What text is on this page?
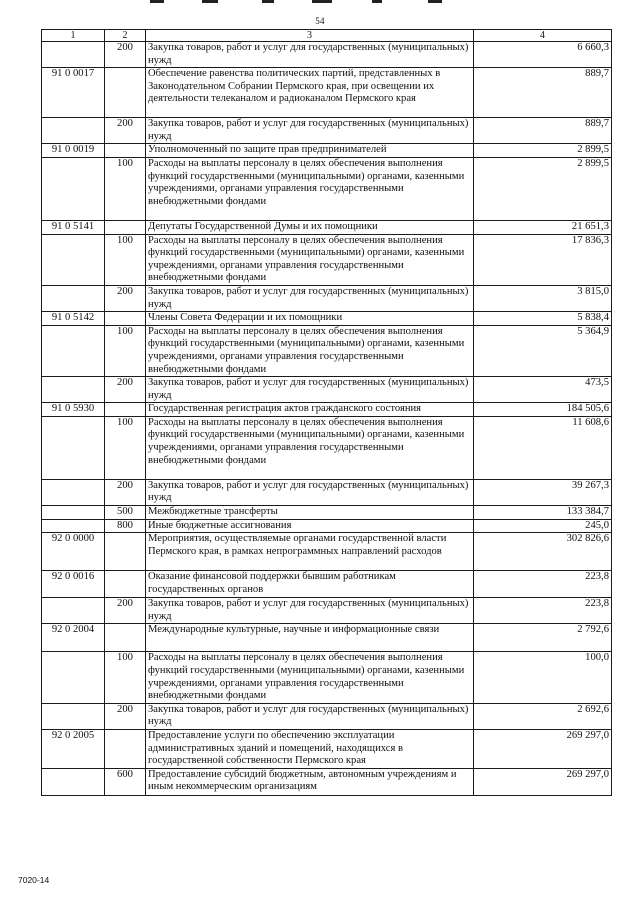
54
1	2	3	4
	200	Закупка товаров, работ и услуг для государственных (муниципальных) нужд	6 660,3
91 0 0017		Обеспечение равенства политических партий, представленных в Законодательном Собрании Пермского края, при освещении их деятельности телеканалом и радиоканалом Пермского края	889,7
	200	Закупка товаров, работ и услуг для государственных (муниципальных) нужд	889,7
91 0 0019		Уполномоченный по защите прав предпринимателей	2 899,5
	100	Расходы на выплаты персоналу в целях обеспечения выполнения функций государственными (муниципальными) органами, казенными учреждениями, органами управления государственными внебюджетными фондами	2 899,5
91 0 5141		Депутаты Государственной Думы и их помощники	21 651,3
	100	Расходы на выплаты персоналу в целях обеспечения выполнения функций государственными (муниципальными) органами, казенными учреждениями, органами управления государственными внебюджетными фондами	17 836,3
	200	Закупка товаров, работ и услуг для государственных (муниципальных) нужд	3 815,0
91 0 5142		Члены Совета Федерации и их помощники	5 838,4
	100	Расходы на выплаты персоналу в целях обеспечения выполнения функций государственными (муниципальными) органами, казенными учреждениями, органами управления государственными внебюджетными фондами	5 364,9
	200	Закупка товаров, работ и услуг для государственных (муниципальных) нужд	473,5
91 0 5930		Государственная регистрация актов гражданского состояния	184 505,6
	100	Расходы на выплаты персоналу в целях обеспечения выполнения функций государственными (муниципальными) органами, казенными учреждениями, органами управления государственными внебюджетными фондами	11 608,6
	200	Закупка товаров, работ и услуг для государственных (муниципальных) нужд	39 267,3
	500	Межбюджетные трансферты	133 384,7
	800	Иные бюджетные ассигнования	245,0
92 0 0000		Мероприятия, осуществляемые органами государственной власти Пермского края, в рамках непрограммных направлений расходов	302 826,6
92 0 0016		Оказание финансовой поддержки бывшим работникам государственных органов	223,8
	200	Закупка товаров, работ и услуг для государственных (муниципальных) нужд	223,8
92 0 2004		Международные культурные, научные и информационные связи	2 792,6
	100	Расходы на выплаты персоналу в целях обеспечения выполнения функций государственными (муниципальными) органами, казенными учреждениями, органами управления государственными внебюджетными фондами	100,0
	200	Закупка товаров, работ и услуг для государственных (муниципальных) нужд	2 692,6
92 0 2005		Предоставление услуги по обеспечению эксплуатации административных зданий и помещений, находящихся в государственной собственности Пермского края	269 297,0
	600	Предоставление субсидий бюджетным, автономным учреждениям и иным некоммерческим организациям	269 297,0
7020-14
